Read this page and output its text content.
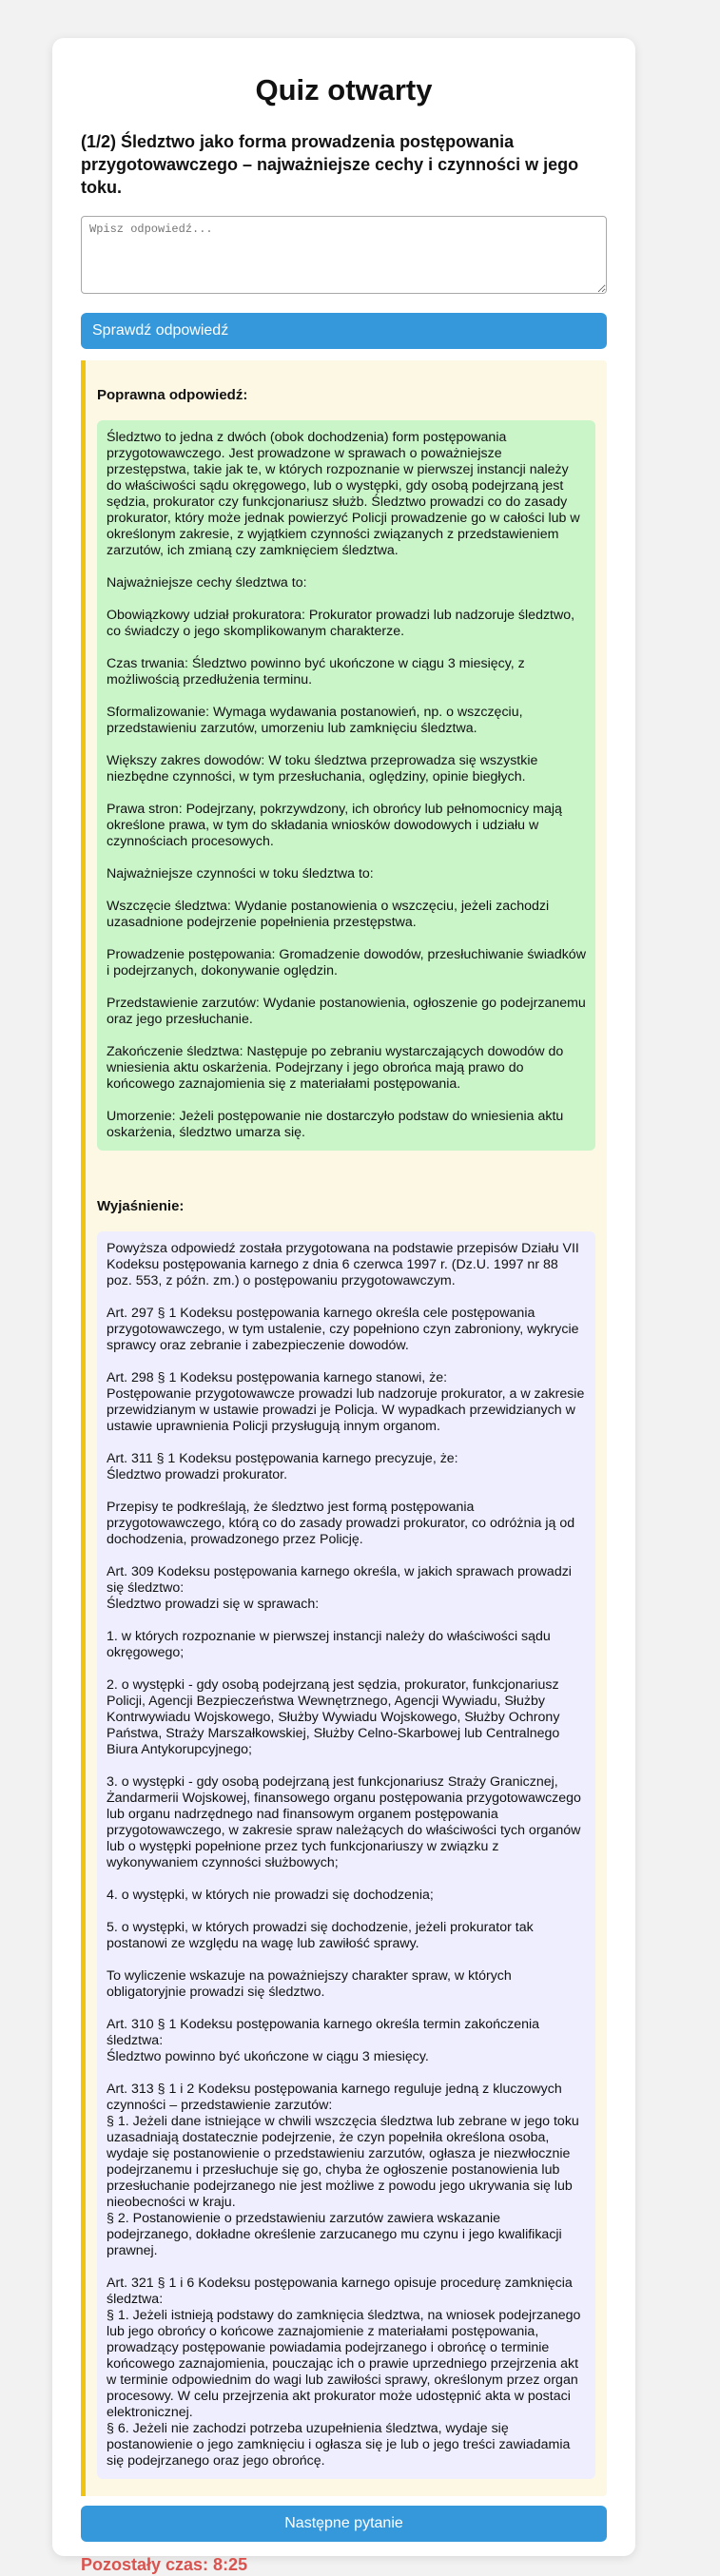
Quiz otwarty
(1/2) Śledztwo jako forma prowadzenia postępowania przygotowawczego – najważniejsze cechy i czynności w jego toku.
Wpisz odpowiedź...
Sprawdź odpowiedź
Poprawna odpowiedź:

Śledztwo to jedna z dwóch (obok dochodzenia) form postępowania przygotowawczego. Jest prowadzone w sprawach o poważniejsze przestępstwa, takie jak te, w których rozpoznanie w pierwszej instancji należy do właściwości sądu okręgowego, lub o występki, gdy osobą podejrzaną jest sędzia, prokurator czy funkcjonariusz służb. Śledztwo prowadzi co do zasady prokurator, który może jednak powierzyć Policji prowadzenie go w całości lub w określonym zakresie, z wyjątkiem czynności związanych z przedstawieniem zarzutów, ich zmianą czy zamknięciem śledztwa.

Najważniejsze cechy śledztwa to:

Obowiązkowy udział prokuratora: Prokurator prowadzi lub nadzoruje śledztwo, co świadczy o jego skomplikowanym charakterze.

Czas trwania: Śledztwo powinno być ukończone w ciągu 3 miesięcy, z możliwością przedłużenia terminu.

Sformalizowanie: Wymaga wydawania postanowień, np. o wszczęciu, przedstawieniu zarzutów, umorzeniu lub zamknięciu śledztwa.

Większy zakres dowodów: W toku śledztwa przeprowadza się wszystkie niezbędne czynności, w tym przesłuchania, oględziny, opinie biegłych.

Prawa stron: Podejrzany, pokrzywdzony, ich obrońcy lub pełnomocnicy mają określone prawa, w tym do składania wniosków dowodowych i udziału w czynnościach procesowych.

Najważniejsze czynności w toku śledztwa to:

Wszczęcie śledztwa: Wydanie postanowienia o wszczęciu, jeżeli zachodzi uzasadnione podejrzenie popełnienia przestępstwa.

Prowadzenie postępowania: Gromadzenie dowodów, przesłuchiwanie świadków i podejrzanych, dokonywanie oględzin.

Przedstawienie zarzutów: Wydanie postanowienia, ogłoszenie go podejrzanemu oraz jego przesłuchanie.

Zakończenie śledztwa: Następuje po zebraniu wystarczających dowodów do wniesienia aktu oskarżenia. Podejrzany i jego obrońca mają prawo do końcowego zaznajomienia się z materiałami postępowania.

Umorzenie: Jeżeli postępowanie nie dostarczyło podstaw do wniesienia aktu oskarżenia, śledztwo umarza się.

Wyjaśnienie:

Powyższa odpowiedź została przygotowana na podstawie przepisów Działu VII Kodeksu postępowania karnego z dnia 6 czerwca 1997 r. (Dz.U. 1997 nr 88 poz. 553, z późn. zm.) o postępowaniu przygotowawczym.

Art. 297 § 1 Kodeksu postępowania karnego określa cele postępowania przygotowawczego, w tym ustalenie, czy popełniono czyn zabroniony, wykrycie sprawcy oraz zebranie i zabezpieczenie dowodów.

Art. 298 § 1 Kodeksu postępowania karnego stanowi, że:
Postępowanie przygotowawcze prowadzi lub nadzoruje prokurator, a w zakresie przewidzianym w ustawie prowadzi je Policja. W wypadkach przewidzianych w ustawie uprawnienia Policji przysługują innym organom.

Art. 311 § 1 Kodeksu postępowania karnego precyzuje, że:
Śledztwo prowadzi prokurator.

Przepisy te podkreślają, że śledztwo jest formą postępowania przygotowawczego, którą co do zasady prowadzi prokurator, co odróżnia ją od dochodzenia, prowadzonego przez Policję.

Art. 309 Kodeksu postępowania karnego określa, w jakich sprawach prowadzi się śledztwo:
Śledztwo prowadzi się w sprawach:

1. w których rozpoznanie w pierwszej instancji należy do właściwości sądu okręgowego;

2. o występki - gdy osobą podejrzaną jest sędzia, prokurator, funkcjonariusz Policji, Agencji Bezpieczeństwa Wewnętrznego, Agencji Wywiadu, Służby Kontrwywiadu Wojskowego, Służby Wywiadu Wojskowego, Służby Ochrony Państwa, Straży Marszałkowskiej, Służby Celno-Skarbowej lub Centralnego Biura Antykorupcyjnego;

3. o występki - gdy osobą podejrzaną jest funkcjonariusz Straży Granicznej, Żandarmerii Wojskowej, finansowego organu postępowania przygotowawczego lub organu nadrzędnego nad finansowym organem postępowania przygotowawczego, w zakresie spraw należących do właściwości tych organów lub o występki popełnione przez tych funkcjonariuszy w związku z wykonywaniem czynności służbowych;

4. o występki, w których nie prowadzi się dochodzenia;

5. o występki, w których prowadzi się dochodzenie, jeżeli prokurator tak postanowi ze względu na wagę lub zawiłość sprawy.

To wyliczenie wskazuje na poważniejszy charakter spraw, w których obligatoryjnie prowadzi się śledztwo.

Art. 310 § 1 Kodeksu postępowania karnego określa termin zakończenia śledztwa:
Śledztwo powinno być ukończone w ciągu 3 miesięcy.

Art. 313 § 1 i 2 Kodeksu postępowania karnego reguluje jedną z kluczowych czynności – przedstawienie zarzutów:
§ 1. Jeżeli dane istniejące w chwili wszczęcia śledztwa lub zebrane w jego toku uzasadniają dostatecznie podejrzenie, że czyn popełniła określona osoba, wydaje się postanowienie o przedstawieniu zarzutów, ogłasza je niezwłocznie podejrzanemu i przesłuchuje się go, chyba że ogłoszenie postanowienia lub przesłuchanie podejrzanego nie jest możliwe z powodu jego ukrywania się lub nieobecności w kraju.
§ 2. Postanowienie o przedstawieniu zarzutów zawiera wskazanie podejrzanego, dokładne określenie zarzucanego mu czynu i jego kwalifikacji prawnej.

Art. 321 § 1 i 6 Kodeksu postępowania karnego opisuje procedurę zamknięcia śledztwa:
§ 1. Jeżeli istnieją podstawy do zamknięcia śledztwa, na wniosek podejrzanego lub jego obrońcy o końcowe zaznajomienie z materiałami postępowania, prowadzący postępowanie powiadamia podejrzanego i obrońcę o terminie końcowego zaznajomienia, pouczając ich o prawie uprzedniego przejrzenia akt w terminie odpowiednim do wagi lub zawiłości sprawy, określonym przez organ procesowy. W celu przejrzenia akt prokurator może udostępnić akta w postaci elektronicznej.
§ 6. Jeżeli nie zachodzi potrzeba uzupełnienia śledztwa, wydaje się postanowienie o jego zamknięciu i ogłasza się je lub o jego treści zawiadamia się podejrzanego oraz jego obrońcę.

Następne pytanie
Pozostały czas: 8:25
